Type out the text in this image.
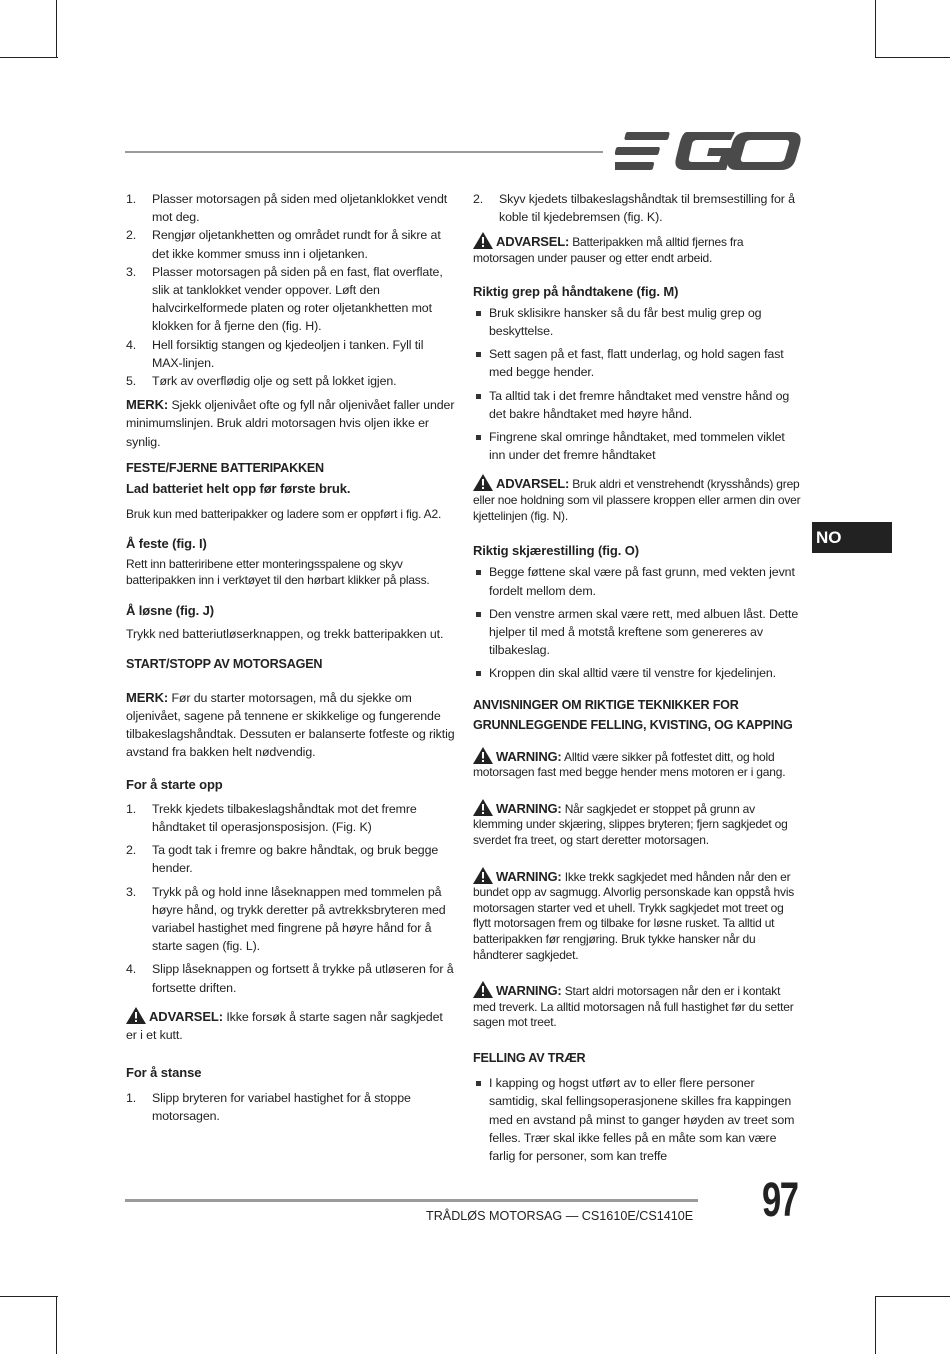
NO
1. Plasser motorsagen på siden med oljetanklokket vendt mot deg.
2. Rengjør oljetankhetten og området rundt for å sikre at det ikke kommer smuss inn i oljetanken.
3. Plasser motorsagen på siden på en fast, flat overflate, slik at tanklokket vender oppover. Løft den halvcirkelformede platen og roter oljetankhetten mot klokken for å fjerne den (fig. H).
4. Hell forsiktig stangen og kjedeoljen i tanken. Fyll til MAX-linjen.
5. Tørk av overflødig olje og sett på lokket igjen.

MERK: Sjekk oljenivået ofte og fyll når oljenivået faller under minimumslinjen. Bruk aldri motorsagen hvis oljen ikke er synlig.

FESTE/FJERNE BATTERIPAKKEN

Lad batteriet helt opp før første bruk.

Bruk kun med batteripakker og ladere som er oppført i fig. A2.

Å feste (fig. I)

Rett inn batteriribene etter monteringsspalene og skyv batteripakken inn i verktøyet til den hørbart klikker på plass.

Å løsne (fig. J)

Trykk ned batteriutløserknappen, og trekk batteripakken ut.

START/STOPP AV MOTORSAGEN

MERK: Før du starter motorsagen, må du sjekke om oljenivået, sagene på tennene er skikkelige og fungerende tilbakeslagshåndtak. Dessuten er balanserte fotfeste og riktig avstand fra bakken helt nødvendig.

For å starte opp

1. Trekk kjedets tilbakeslagshåndtak mot det fremre håndtaket til operasjonsposisjon. (Fig. K)
2. Ta godt tak i fremre og bakre håndtak, og bruk begge hender.
3. Trykk på og hold inne låseknappen med tommelen på høyre hånd, og trykk deretter på avtrekksbryteren med variabel hastighet med fingrene på høyre hånd for å starte sagen (fig. L).
4. Slipp låseknappen og fortsett å trykke på utløseren for å fortsette driften.

ADVARSEL: Ikke forsøk å starte sagen når sagkjedet er i et kutt.

For å stanse

1. Slipp bryteren for variabel hastighet for å stoppe motorsagen.
2. Skyv kjedets tilbakeslagshåndtak til bremsestilling for å koble til kjedebremsen (fig. K).

ADVARSEL: Batteripakken må alltid fjernes fra motorsagen under pauser og etter endt arbeid.

Riktig grep på håndtakene (fig. M)

Bruk sklisikre hansker så du får best mulig grep og beskyttelse.
Sett sagen på et fast, flatt underlag, og hold sagen fast med begge hender.
Ta alltid tak i det fremre håndtaket med venstre hånd og det bakre håndtaket med høyre hånd.
Fingrene skal omringe håndtaket, med tommelen viklet inn under det fremre håndtaket

ADVARSEL: Bruk aldri et venstrehendt (krysshånds) grep eller noe holdning som vil plassere kroppen eller armen din over kjettelinjen (fig. N).

Riktig skjærestilling (fig. O)

Begge føttene skal være på fast grunn, med vekten jevnt fordelt mellom dem.
Den venstre armen skal være rett, med albuen låst. Dette hjelper til med å motstå kreftene som genereres av tilbakeslag.
Kroppen din skal alltid være til venstre for kjedelinjen.

ANVISNINGER OM RIKTIGE TEKNIKKER FOR
GRUNNLEGGENDE FELLING, KVISTING, OG KAPPING

WARNING: Alltid være sikker på fotfestet ditt, og hold motorsagen fast med begge hender mens motoren er i gang.

WARNING: Når sagkjedet er stoppet på grunn av klemming under skjæring, slippes bryteren; fjern sagkjedet og sverdet fra treet, og start deretter motorsagen.

WARNING: Ikke trekk sagkjedet med hånden når den er bundet opp av sagmugg. Alvorlig personskade kan oppstå hvis motorsagen starter ved et uhell. Trykk sagkjedet mot treet og flytt motorsagen frem og tilbake for løsne rusket. Ta alltid ut batteripakken før rengjøring. Bruk tykke hansker når du håndterer sagkjedet.

WARNING: Start aldri motorsagen når den er i kontakt med treverk. La alltid motorsagen nå full hastighet før du setter sagen mot treet.

FELLING AV TRÆR

I kapping og hogst utført av to eller flere personer samtidig, skal fellingsoperasjonene skilles fra kappingen med en avstand på minst to ganger høyden av treet som felles. Trær skal ikke felles på en måte som kan være farlig for personer, som kan treffe
TRÅDLØS MOTORSAG — CS1610E/CS1410E 97
